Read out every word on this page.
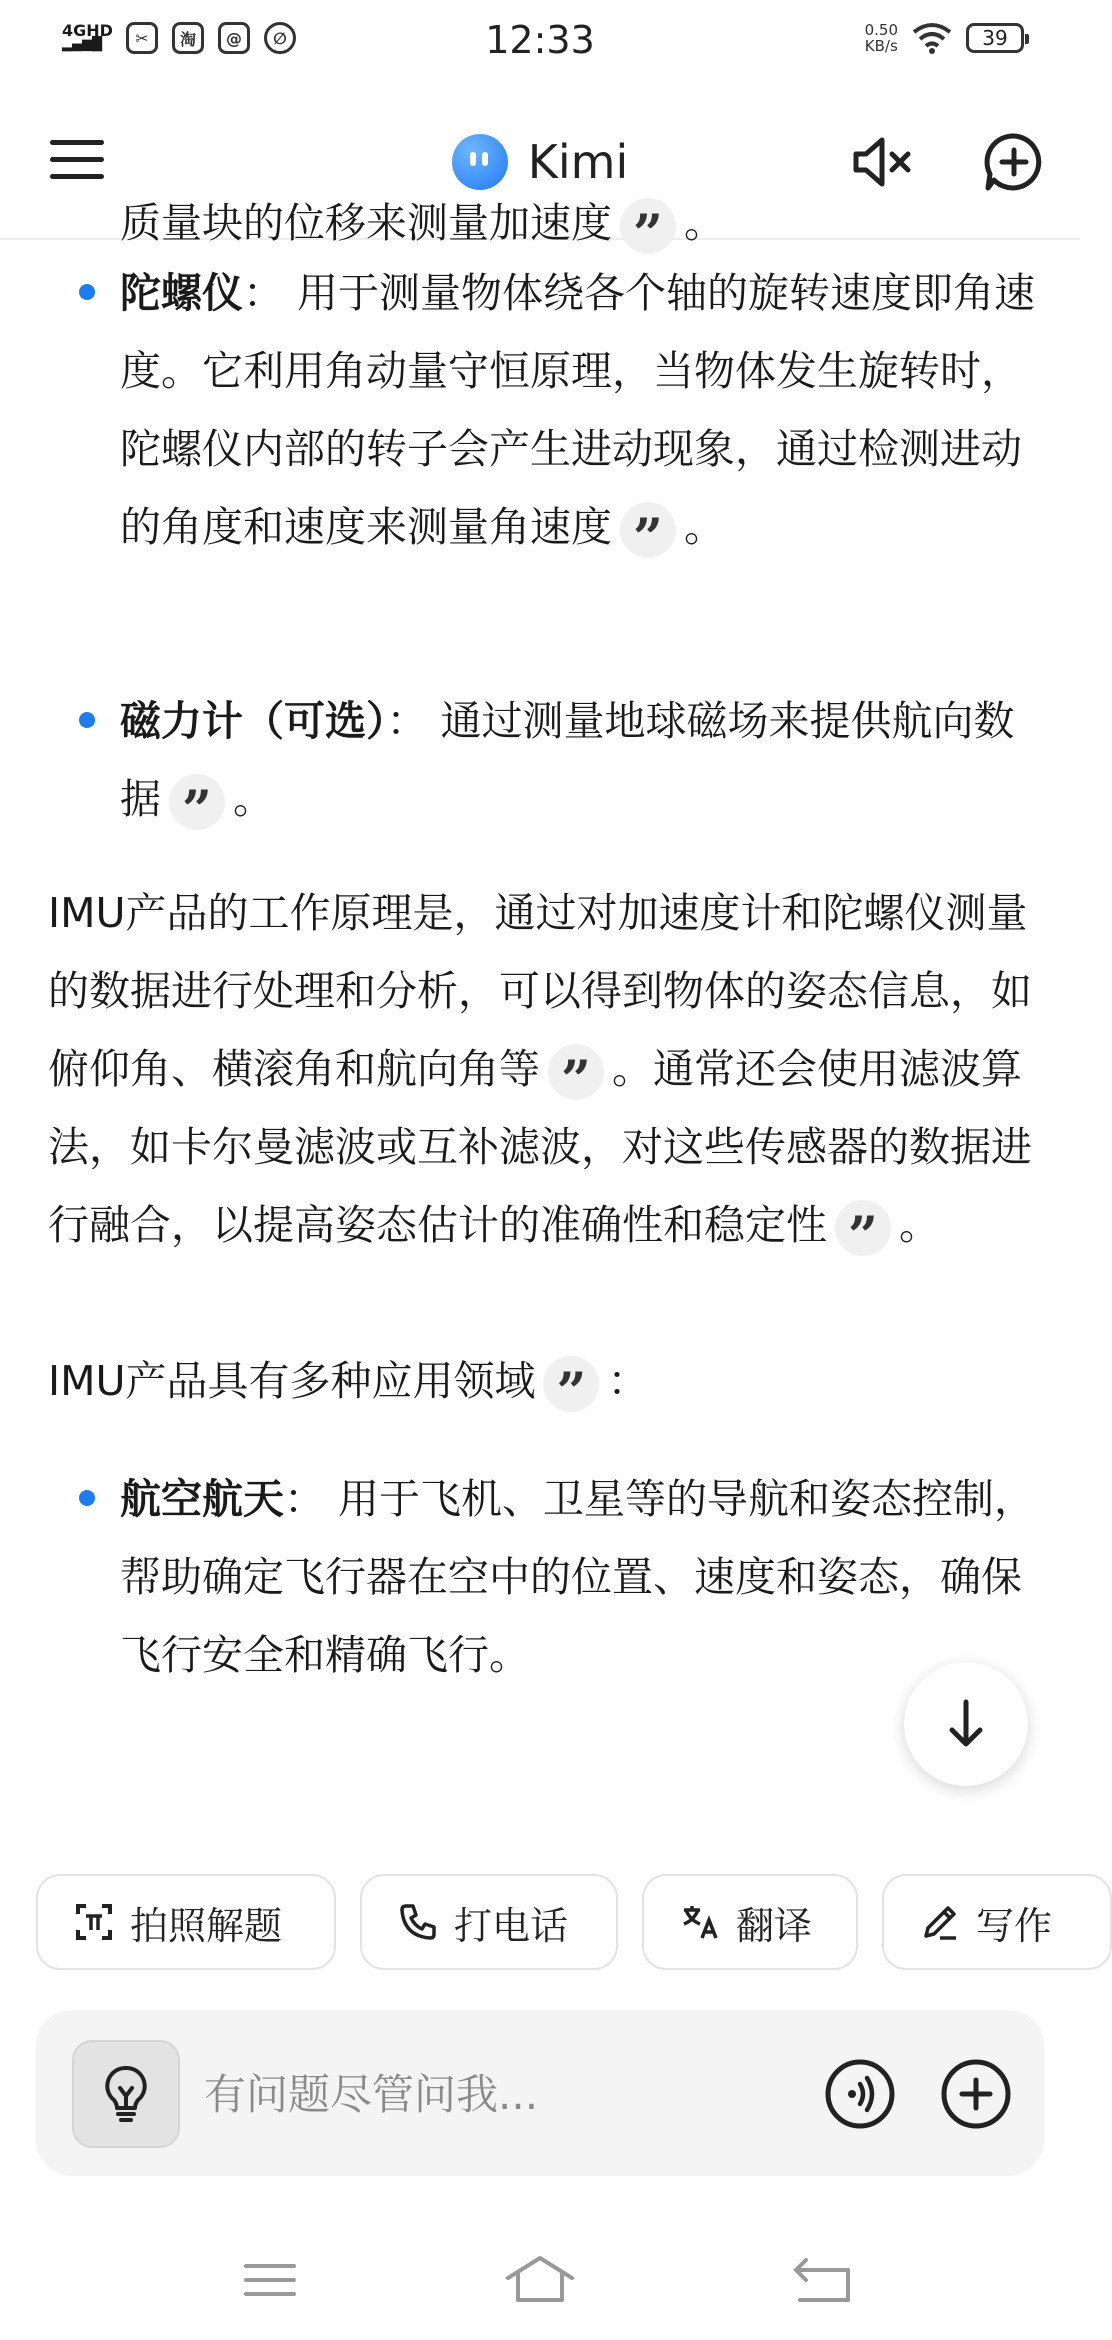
4GHD
▂▄▆█	✂	淘	@	∅	12:33	0.50
KB/s	39
Kimi
质量块的位移来测量加速度 ” 。
陀螺仪： 用于测量物体绕各个轴的旋转速度即角速度。它利用角动量守恒原理，当物体发生旋转时，陀螺仪内部的转子会产生进动现象，通过检测进动的角度和速度来测量角速度 ” 。
磁力计（可选）： 通过测量地球磁场来提供航向数据 ” 。
IMU产品的工作原理是，通过对加速度计和陀螺仪测量的数据进行处理和分析，可以得到物体的姿态信息，如俯仰角、横滚角和航向角等 ” 。通常还会使用滤波算法，如卡尔曼滤波或互补滤波，对这些传感器的数据进行融合，以提高姿态估计的准确性和稳定性 ” 。
IMU产品具有多种应用领域 ” ：
航空航天： 用于飞机、卫星等的导航和姿态控制，帮助确定飞行器在空中的位置、速度和姿态，确保飞行安全和精确飞行。
拍照解题	打电话	翻译	写作
有问题尽管问我...
